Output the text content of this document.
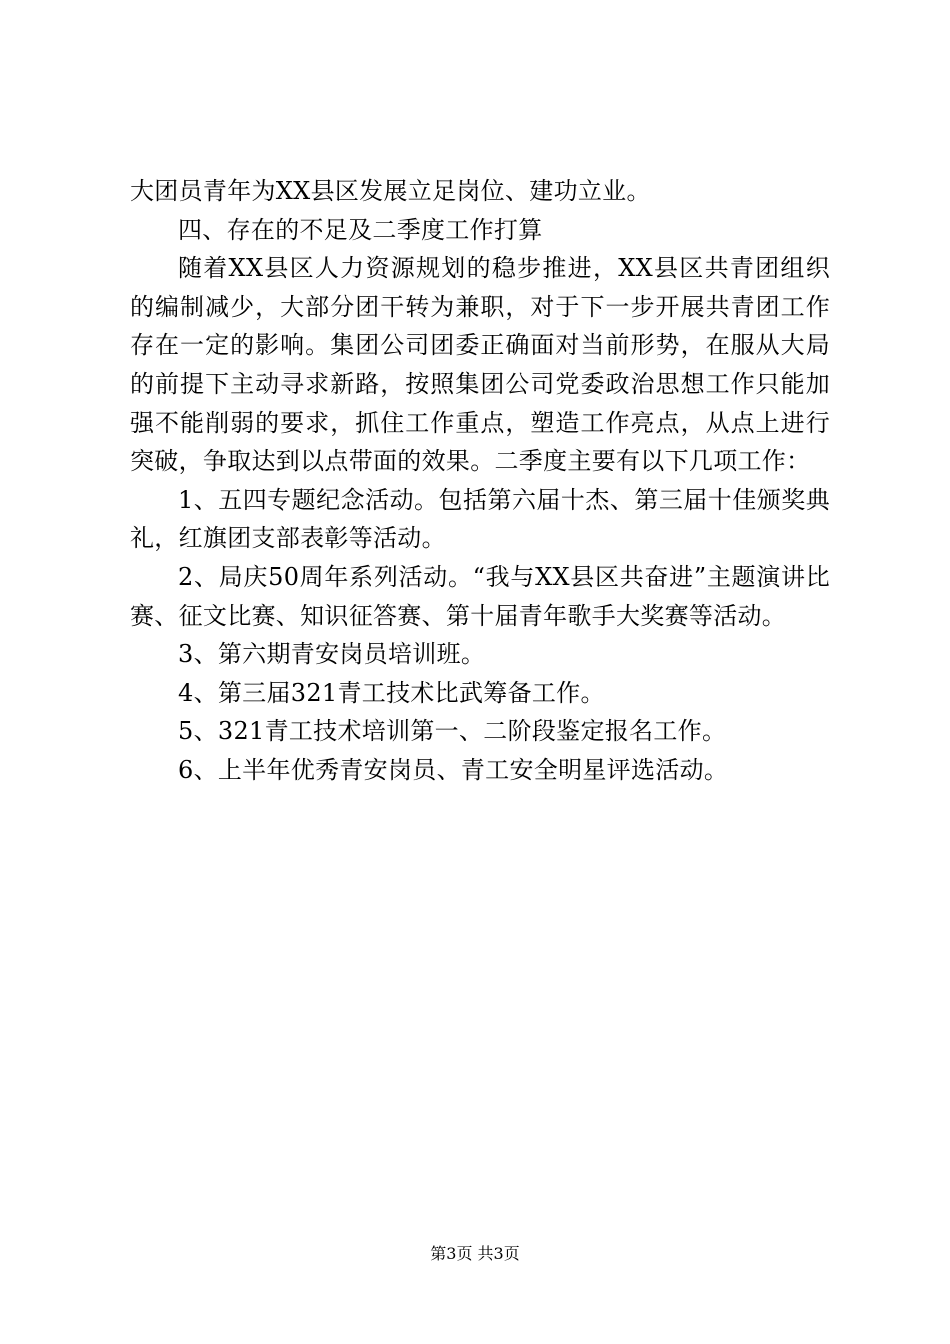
大团员青年为XX县区发展立足岗位、建功立业。

四、存在的不足及二季度工作打算

随着XX县区人力资源规划的稳步推进，XX县区共青团组织的编制减少，大部分团干转为兼职，对于下一步开展共青团工作存在一定的影响。集团公司团委正确面对当前形势，在服从大局的前提下主动寻求新路，按照集团公司党委政治思想工作只能加强不能削弱的要求，抓住工作重点，塑造工作亮点，从点上进行突破，争取达到以点带面的效果。二季度主要有以下几项工作：

1、五四专题纪念活动。包括第六届十杰、第三届十佳颁奖典礼，红旗团支部表彰等活动。

2、局庆50周年系列活动。“我与XX县区共奋进”主题演讲比赛、征文比赛、知识征答赛、第十届青年歌手大奖赛等活动。

3、第六期青安岗员培训班。

4、第三届321青工技术比武筹备工作。

5、321青工技术培训第一、二阶段鉴定报名工作。

6、上半年优秀青安岗员、青工安全明星评选活动。

第3页 共3页
